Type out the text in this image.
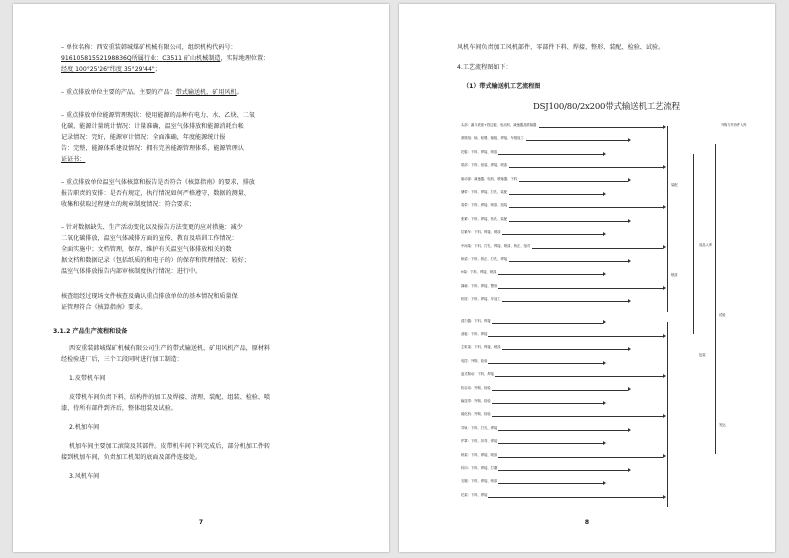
– 单位名称：西安重装韩城煤矿机械有限公司，组织机构代码号：

91610581552198836Q所属行业：C3511 矿山机械制造，实际地理位置：

经度 100°25'26"纬度 35°29'44"；

– 重点排放单位主要的产品。主要的产品：带式输送机、矿用风机。

– 重点排放单位能源管理现状：使用能源的品种有电力、水、乙炔、二氧

化碳，能源计量统计情况：计量准确，温室气体排放和能源消耗台帐

记录情况：完好，能源审计情况：全面准确，年度能源统计报

告：完整，能源体系建设情况：拥有完善能源管理体系，能源管理认

证证书：

– 重点排放单位温室气体核算和报告是否符合《核算指南》的要求，排放

报告职责的安排：是否有规定，执行情况如何严格遵守，数据的测量、

收集和获取过程建立的规章制度情况：符合要求；

– 针对数据缺失、生产活动变化以及报告方法变更的应对措施：减少

二氧化碳排放，温室气体减排方面的宣传、教育及培训工作情况：

全面实施中；文档管理，保存、维护有关温室气体排放相关的数

据文档和数据记录（包括纸质的和电子的）的保存和管理情况：较好；

温室气体排放报告内部审核制度执行情况：进行中。

核查组经过现场文件核查及确认重点排放单位的基本情况和质量保

证管理符合《核算指南》要求。

3.1.2 产品生产流程和设备

西安重装韩城煤矿机械有限公司生产的带式输送机、矿用风机产品，原材料

经检验进厂后，三个工段同时进行加工制造：

1.皮带机车间

皮带机车间负责下料，结构件的加工及焊接、清理、装配、组装、检验、喷

漆，待所有部件到齐后，整体组装及试验。

2.机加车间

机加车间主要加工滚筒及其部件。皮带机车间下料完成后，部分机加工件转

接到机加车间，负责加工机架的底面及部件连接处。

3.风机车间

7

风机车间负责加工风机部件，零部件下料、焊接、整形、装配、检验、试验。

4.工艺流程图如下：

（1）带式输送机工艺流程图

DSJ100/80/2x200带式输送机工艺流程
外购与外协件入库
头部：漏斗底座+挡边板、电动机、减速器及联轴器
滚筒组：轴、轮毂、辐板、焊接、车削加工
托辊：下料、焊接、喷漆
尾部：下料、组装、焊接、喷漆
驱动部：减速器、电机、联轴器、下料
储带：下料、焊接、打孔、装配
卷带：下料、焊接、喷漆、组装
张紧：下料、焊接、钻孔、装配
拉紧车：下料、焊接、喷漆
中间架：下料、打孔、焊接、喷漆、矫正、组对
纵梁：下料、矫正、打孔、焊接
H架：下料、焊接、喷漆
卸载：下料、焊接、整形
机尾：下料、焊接、车加工
清扫器：下料、焊接
刮板：下料、焊接
主机架：下料、焊接、喷漆
电控：外购、检验
盘式制动：下料、焊接
软启动：外购、检验
输送带：外购、检验
硫化机：外购、检验
导轨：下料、打孔、焊接
护罩：下料、折弯、焊接
桥架：下料、焊接、喷漆
转向：下料、焊接、打磨
支腿：下料、焊接、喷漆
托架：下料、焊接
装配
喷漆
成品入库
包装
试验
发运
8
